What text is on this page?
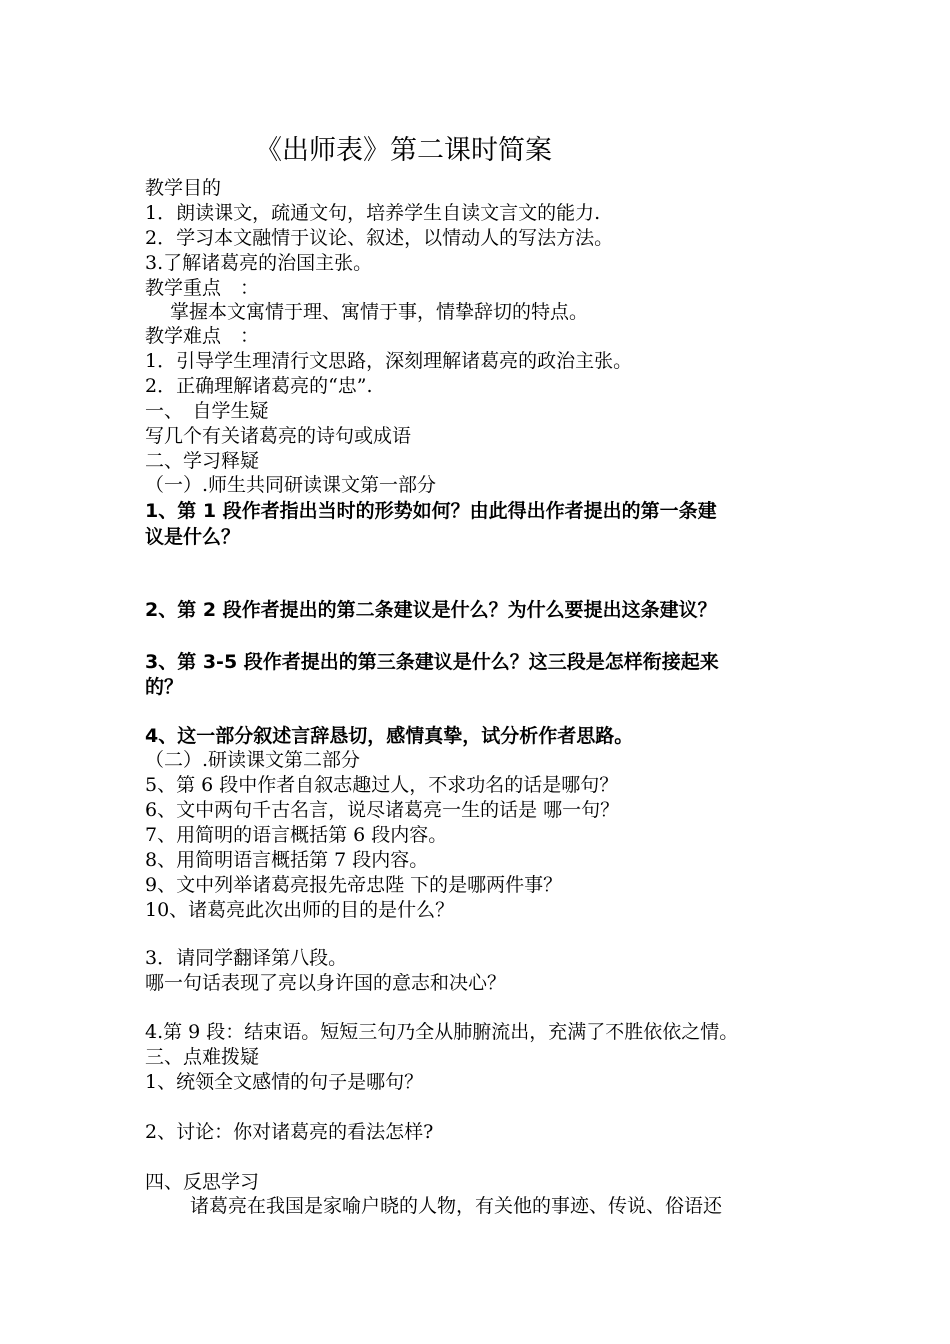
《出师表》第二课时简案
教学目的
1．朗读课文，疏通文句，培养学生自读文言文的能力.
2．学习本文融情于议论、叙述，以情动人的写法方法。
3.了解诸葛亮的治国主张。
教学重点　：
掌握本文寓情于理、寓情于事，情挚辞切的特点。
教学难点　：
1．引导学生理清行文思路，深刻理解诸葛亮的政治主张。
2．正确理解诸葛亮的“忠”.
一、　自学生疑
写几个有关诸葛亮的诗句或成语
二、学习释疑
（一）.师生共同研读课文第一部分
1、第 1 段作者指出当时的形势如何？由此得出作者提出的第一条建
议是什么？
2、第 2 段作者提出的第二条建议是什么？为什么要提出这条建议？
3、第 3-5 段作者提出的第三条建议是什么？这三段是怎样衔接起来
的？
4、这一部分叙述言辞恳切，感情真挚，试分析作者思路。
（二）.研读课文第二部分
5、第 6 段中作者自叙志趣过人，不求功名的话是哪句？
6、文中两句千古名言，说尽诸葛亮一生的话是 哪一句？
7、用简明的语言概括第 6 段内容。
8、用简明语言概括第 7 段内容。
9、文中列举诸葛亮报先帝忠陛 下的是哪两件事？
10、诸葛亮此次出师的目的是什么？
3．请同学翻译第八段。
哪一句话表现了亮以身许国的意志和决心？
4.第 9 段：结束语。短短三句乃全从肺腑流出，充满了不胜依依之情。
三、点难拨疑
1、统领全文感情的句子是哪句？
2、讨论：你对诸葛亮的看法怎样?
四、反思学习
诸葛亮在我国是家喻户晓的人物，有关他的事迹、传说、俗语还
